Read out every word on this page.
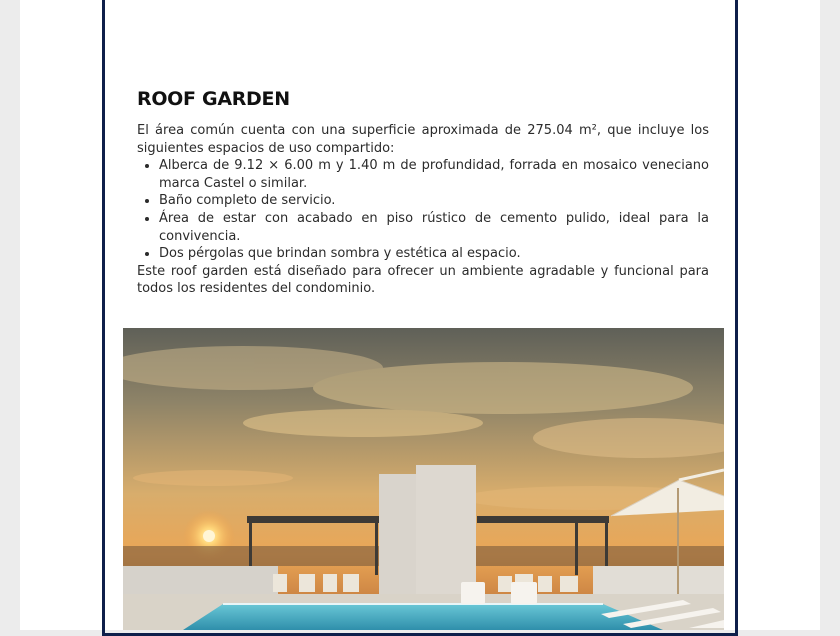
ROOF GARDEN

El área común cuenta con una superficie aproximada de 275.04 m², que incluye los siguientes espacios de uso compartido:

• Alberca de 9.12 × 6.00 m y 1.40 m de profundidad, forrada en mosaico veneciano marca Castel o similar.
• Baño completo de servicio.
• Área de estar con acabado en piso rústico de cemento pulido, ideal para la convivencia.
• Dos pérgolas que brindan sombra y estética al espacio.

Este roof garden está diseñado para ofrecer un ambiente agradable y funcional para todos los residentes del condominio.
